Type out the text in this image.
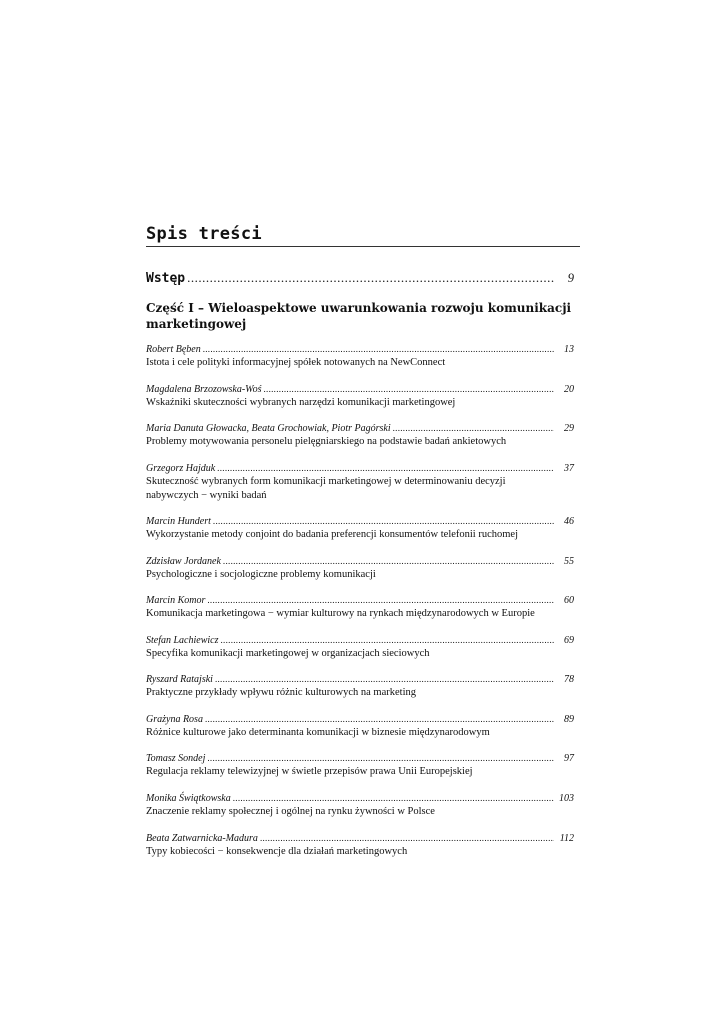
Spis treści
Wstęp .....	9
Część I – Wieloaspektowe uwarunkowania rozwoju komunikacji marketingowej
Robert Bęben .....	13
Istota i cele polityki informacyjnej spółek notowanych na NewConnect
Magdalena Brzozowska-Woś .....	20
Wskaźniki skuteczności wybranych narzędzi komunikacji marketingowej
Maria Danuta Głowacka, Beata Grochowiak, Piotr Pagórski .....	29
Problemy motywowania personelu pielęgniarskiego na podstawie badań ankietowych
Grzegorz Hajduk .....	37
Skuteczność wybranych form komunikacji marketingowej w determinowaniu decyzji nabywczych − wyniki badań
Marcin Hundert .....	46
Wykorzystanie metody conjoint do badania preferencji konsumentów telefonii ruchomej
Zdzisław Jordanek .....	55
Psychologiczne i socjologiczne problemy komunikacji
Marcin Komor .....	60
Komunikacja marketingowa − wymiar kulturowy na rynkach międzynarodowych w Europie
Stefan Lachiewicz .....	69
Specyfika komunikacji marketingowej w organizacjach sieciowych
Ryszard Ratajski .....	78
Praktyczne przykłady wpływu różnic kulturowych na marketing
Grażyna Rosa .....	89
Różnice kulturowe jako determinanta komunikacji w biznesie międzynarodowym
Tomasz Sondej .....	97
Regulacja reklamy telewizyjnej w świetle przepisów prawa Unii Europejskiej
Monika Świątkowska .....	103
Znaczenie reklamy społecznej i ogólnej na rynku żywności w Polsce
Beata Zatwarnicka-Madura .....	112
Typy kobiecości − konsekwencje dla działań marketingowych
